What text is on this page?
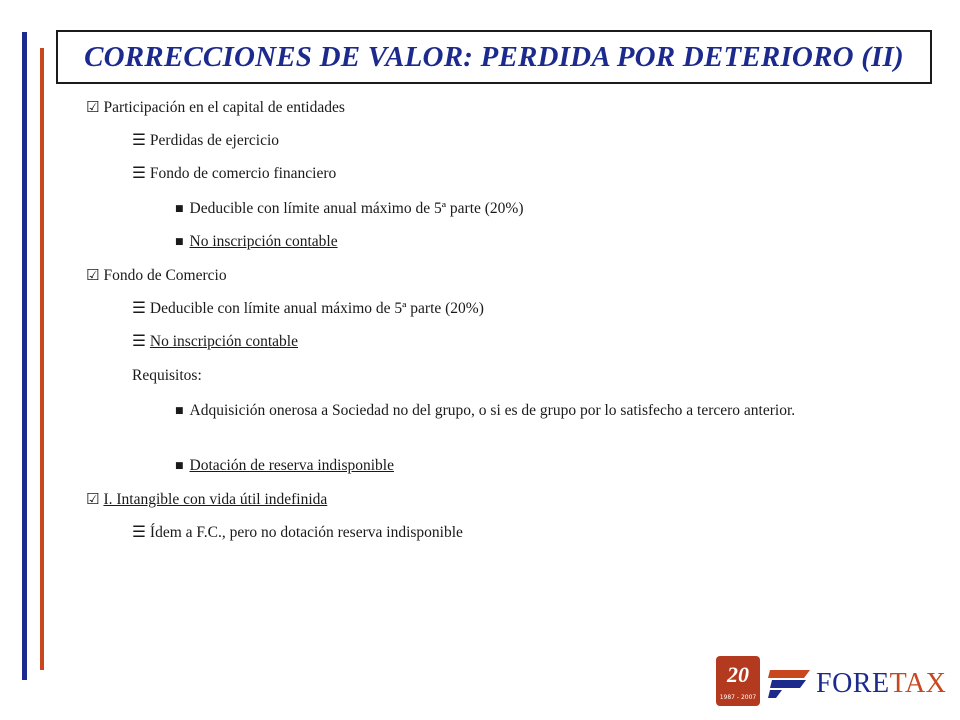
CORRECCIONES DE VALOR: PERDIDA POR DETERIORO (II)
☑ Participación en el capital de entidades
☰ Perdidas de ejercicio
☰ Fondo de comercio financiero
■ Deducible con límite anual máximo de 5ª parte (20%)
■ No inscripción contable
☑ Fondo de Comercio
☰ Deducible con límite anual máximo de 5ª parte (20%)
☰ No inscripción contable
Requisitos:
■ Adquisición onerosa a Sociedad no del grupo, o si es de grupo por lo satisfecho a tercero anterior.
■ Dotación de reserva indisponible
☑ I. Intangible con vida útil indefinida
☰ Ídem a F.C., pero no dotación reserva indisponible
20
1987 - 2007 FORETAX
